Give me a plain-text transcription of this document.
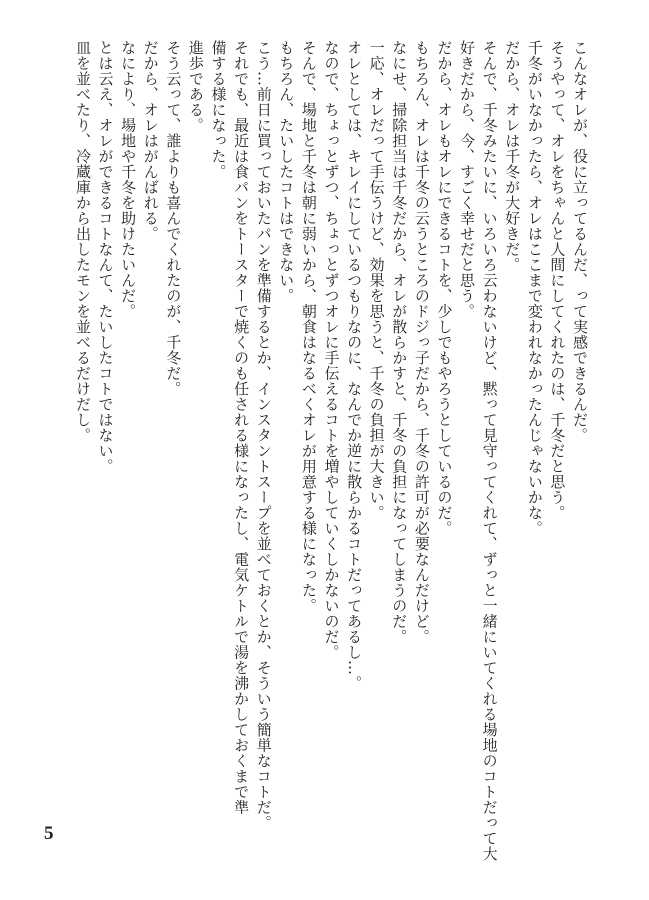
こんなオレが、役に立ってるんだ、って実感できるんだ。
そうやって、オレをちゃんと人間にしてくれたのは、千冬だと思う。
千冬がいなかったら、オレはここまで変われなかったんじゃないかな。
だから、オレは千冬が大好きだ。
そんで、千冬みたいに、いろいろ云わないけど、黙って見守ってくれて、ずっと一緒にいてくれる場地のコトだって大
好きだから、今、すごく幸せだと思う。
だから、オレもオレにできるコトを、少しでもやろうとしているのだ。
もちろん、オレは千冬の云うところのドジっ子だから、千冬の許可が必要なんだけど。
なにせ、掃除担当は千冬だから、オレが散らかすと、千冬の負担になってしまうのだ。
一応、オレだって手伝うけど、効果を思うと、千冬の負担が大きい。
オレとしては、キレイにしているつもりなのに、なんでか逆に散らかるコトだってあるし…。
なので、ちょっとずつ、ちょっとずつオレに手伝えるコトを増やしていくしかないのだ。
そんで、場地と千冬は朝に弱いから、朝食はなるべくオレが用意する様になった。
もちろん、たいしたコトはできない。
こう…前日に買っておいたパンを準備するとか、インスタントスープを並べておくとか、そういう簡単なコトだ。
それでも、最近は食パンをトースターで焼くのも任される様になったし、電気ケトルで湯を沸かしておくまで準
備する様になった。
進歩である。
そう云って、誰よりも喜んでくれたのが、千冬だ。
だから、オレはがんばれる。
なにより、場地や千冬を助けたいんだ。
とは云え、オレができるコトなんて、たいしたコトではない。
皿を並べたり、冷蔵庫から出したモンを並べるだけだし。
5
